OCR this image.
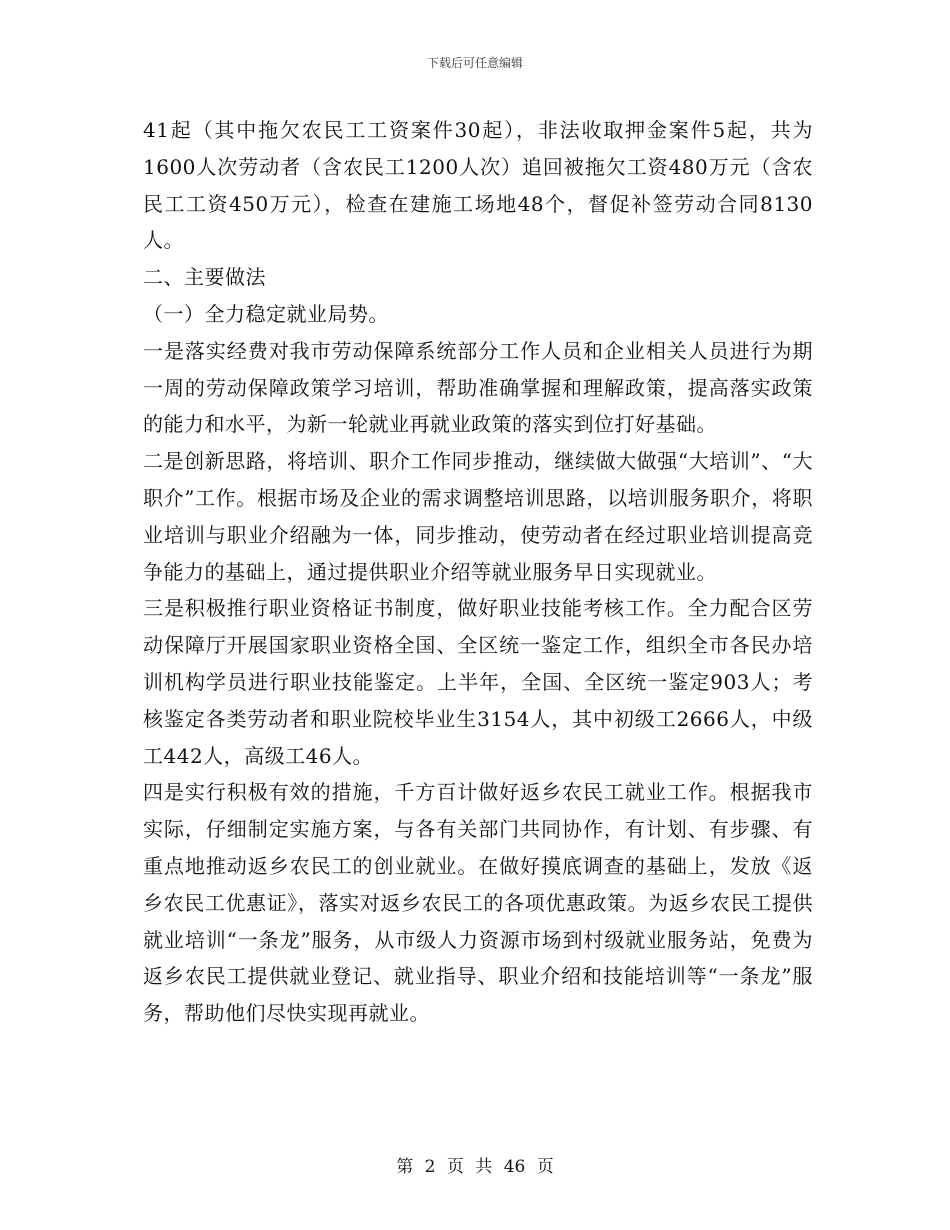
下载后可任意编辑

41起（其中拖欠农民工工资案件30起），非法收取押金案件5起，共为1600人次劳动者（含农民工1200人次）追回被拖欠工资480万元（含农民工工资450万元），检查在建施工场地48个，督促补签劳动合同8130人。

二、主要做法

（一）全力稳定就业局势。

一是落实经费对我市劳动保障系统部分工作人员和企业相关人员进行为期一周的劳动保障政策学习培训，帮助准确掌握和理解政策，提高落实政策的能力和水平，为新一轮就业再就业政策的落实到位打好基础。

二是创新思路，将培训、职介工作同步推动，继续做大做强“大培训”、“大职介”工作。根据市场及企业的需求调整培训思路，以培训服务职介，将职业培训与职业介绍融为一体，同步推动，使劳动者在经过职业培训提高竞争能力的基础上，通过提供职业介绍等就业服务早日实现就业。

三是积极推行职业资格证书制度，做好职业技能考核工作。全力配合区劳动保障厅开展国家职业资格全国、全区统一鉴定工作，组织全市各民办培训机构学员进行职业技能鉴定。上半年，全国、全区统一鉴定903人；考核鉴定各类劳动者和职业院校毕业生3154人，其中初级工2666人，中级工442人，高级工46人。

四是实行积极有效的措施，千方百计做好返乡农民工就业工作。根据我市实际，仔细制定实施方案，与各有关部门共同协作，有计划、有步骤、有重点地推动返乡农民工的创业就业。在做好摸底调查的基础上，发放《返乡农民工优惠证》，落实对返乡农民工的各项优惠政策。为返乡农民工提供就业培训“一条龙”服务，从市级人力资源市场到村级就业服务站，免费为返乡农民工提供就业登记、就业指导、职业介绍和技能培训等“一条龙”服务，帮助他们尽快实现再就业。

第 2 页 共 46 页
